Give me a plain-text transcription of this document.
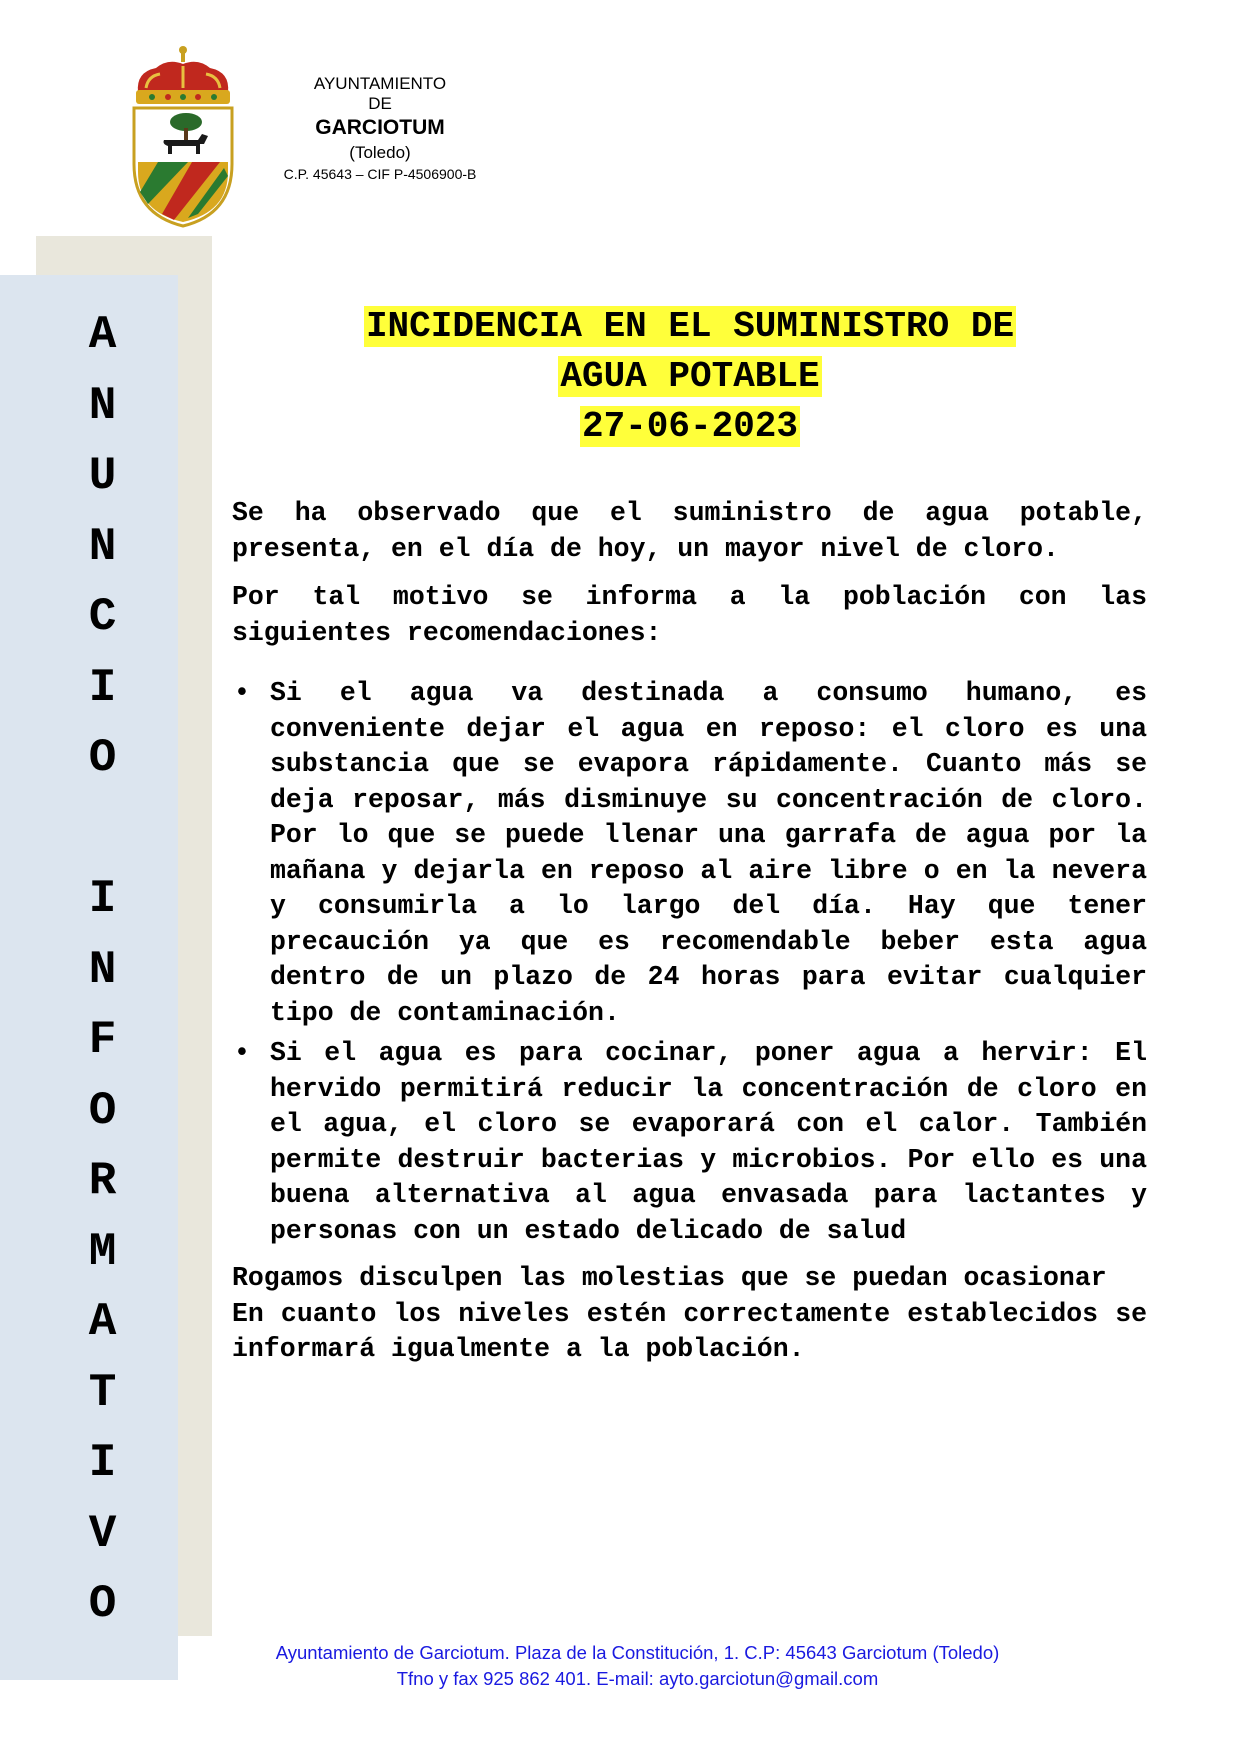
A
N
U
N
C
I
O
I
N
F
O
R
M
A
T
I
V
O
AYUNTAMIENTO
DE
GARCIOTUM
(Toledo)
C.P. 45643 – CIF P-4506900-B
INCIDENCIA EN EL SUMINISTRO DE
AGUA POTABLE
27-06-2023

Se ha observado que el suministro de agua potable, presenta, en el día de hoy, un mayor nivel de cloro.

Por tal motivo se informa a la población con las siguientes recomendaciones:

• Si el agua va destinada a consumo humano, es conveniente dejar el agua en reposo: el cloro es una substancia que se evapora rápidamente. Cuanto más se deja reposar, más disminuye su concentración de cloro. Por lo que se puede llenar una garrafa de agua por la mañana y dejarla en reposo al aire libre o en la nevera y consumirla a lo largo del día. Hay que tener precaución ya que es recomendable beber esta agua dentro de un plazo de 24 horas para evitar cualquier tipo de contaminación.
• Si el agua es para cocinar, poner agua a hervir: El hervido permitirá reducir la concentración de cloro en el agua, el cloro se evaporará con el calor. También permite destruir bacterias y microbios. Por ello es una buena alternativa al agua envasada para lactantes y personas con un estado delicado de salud

Rogamos disculpen las molestias que se puedan ocasionar

En cuanto los niveles estén correctamente establecidos se informará igualmente a la población.

Ayuntamiento de Garciotum. Plaza de la Constitución, 1. C.P: 45643 Garciotum (Toledo)
Tfno y fax 925 862 401. E-mail: ayto.garciotun@gmail.com
